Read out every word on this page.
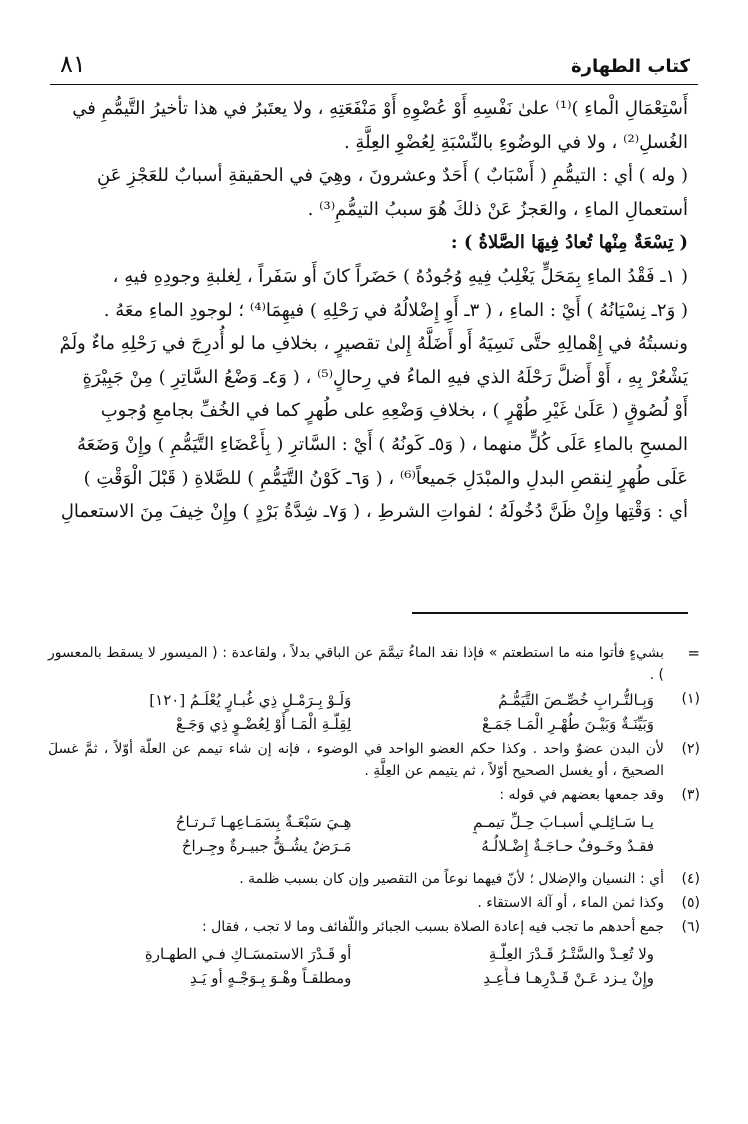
كتاب الطهارة
٨١

أَسْتِعْمَالِ الْماءِ )⁽¹⁾ علىٰ نَفْسِهِ أَوْ عُضْوِهِ أَوْ مَنْفَعَتِهِ ، ولا يعتَبرُ في هذا تأخيرُ التَّيمُّمِ في

الغُسلِ⁽²⁾ ، ولا في الوضُوءِ بالنِّسْبَةِ لِعُضْوِ العِلَّةِ .

( وله ) أي : التيمُّمِ ( أَسْبَابٌ ) أَحَدٌ وعشرونَ ، وهِيَ في الحقيقةِ أسبابٌ للعَجْزِ عَنِ

أستعمالِ الماءِ ، والعَجزُ عَنْ ذلكَ هُوَ سببُ التيمُّمِ⁽³⁾ .

( تِسْعَةٌ مِنْها تُعادُ فِيهَا الصَّلاةُ ) :

( ١ـ فَقْدُ الماءِ بِمَحَلٍّ يَغْلِبُ فِيهِ وُجُودُهُ ) حَضَراً كانَ أَو سَفَراً ، لِغلبةِ وجودِهِ فيهِ ،

( وَ٢ـ نِسْيَانُهُ ) أَيْ : الماءِ ، ( ٣ـ أَوِ إِضْلالُهُ في رَحْلِهِ ) فيهِمَا⁽⁴⁾ ؛ لوجودِ الماءِ معَهُ .

ونسبتُهُ في إِهْمالِهِ حتَّى نَسِيَهُ أَو أَضَلَّهُ إِلىٰ تقصيرٍ ، بخلافِ ما لو أُدرِجَ في رَحْلِهِ ماءٌ ولَمْ

يَشْعُرْ بِهِ ، أَوْ أَضلَّ رَحْلَهُ الذي فيهِ الماءُ في رِحالٍ⁽⁵⁾ ، ( وَ٤ـ وَضْعُ السَّاتِرِ ) مِنْ جَبِيْرَةٍ

أَوْ لُصُوقٍ ( عَلَىٰ غَيْرِ طُهْرٍ ) ، بخلافِ وَضْعِهِ على طُهرٍ كما في الخُفِّ بجامعِ وُجوبِ

المسحِ بالماءِ عَلَى كُلٍّ منهما ، ( وَ٥ـ كَونُهُ ) أَيْ : السَّاترِ ( بِأَعْضَاءِ التَّيَمُّمِ ) وإِنْ وَضَعَهُ

عَلَى طُهرٍ لِنقصِ البدلِ والمبْدَلِ جَميعاً⁽⁶⁾ ، ( وَ٦ـ كَوْنُ التَّيَمُّمِ ) للصَّلاةِ ( قَبْلَ الْوَقْتِ )

أي : وَقْتِها وإِنْ ظَنَّ دُخُولَهُ ؛ لفواتِ الشرطِ ، ( وَ٧ـ شِدَّةُ بَرْدٍ ) وإِنْ خِيفَ مِنَ الاستعمالِ

=
بشيءٍ فأتوا منه ما استطعتم » فإذا نفد الماءُ تيمَّمَ عن الباقي بدلاً ، ولقاعدة : ( الميسور لا يسقط بالمعسور ) .
(١)
وَبِـالتُّـرابِ خُصِّـصَ التَّيَمُّـمُ
وَلَـوْ بِـرَمْـلٍ ذِي غُبـارٍ يُعْلَـمُ [١٢٠]
وَبَيِّنَـةٌ وَبَيْـنَ طُهْـرِ الْمَـا جَمَـعْ
لِقِلَّـةِ الْمَـا أَوْ لِعُضْـوٍ ذِي وَجَـعْ
(٢)
لأن البدن عضوٌ واحد . وكذا حكم العضو الواحد في الوضوء ، فإنه إن شاء تيمم عن العلّة أوّلاً ، ثمَّ غسلَ الصحيحَ ، أو يغسل الصحيح أوّلاً ، ثم يتيمم عن العِلَّةِ .
(٣)
وقد جمعها بعضهم في قوله :
يـا سَـائِلـي أسبـابَ حِـلِّ تيمـمٍ
هِـيَ سَبْعَـةٌ بِسَمَـاعِهـا تَـرتـاحُ
فقـدٌ وخَـوفٌ حـاجَـةٌ إِضْـلالُـهُ
مَـرَضٌ يشُـقُّ جبيـرةٌ وجِـراحُ
(٤)
أي : النسيان والإضلال ؛ لأنّ فيهما نوعاً من التقصير وإن كان بسبب ظلمة .
(٥)
وكذا ثمن الماء ، أو آلة الاستقاء .
(٦)
جمع أحدهم ما تجب فيه إعادة الصلاة بسبب الجبائر واللّفائف وما لا تجب ، فقال :
ولا تُعِـدْ والسَّتْـرُ قَـدْرَ العِلَّـةِ
أو قَـدْرَ الاستمسَـاكِ فـي الطهـارةِ
وإِنْ يـزد عَـنْ قَـدْرِهـا فـأَعِـدِ
ومطلقـاً وهْـوَ بِـوَجْـهٍ أو يَـدِ
